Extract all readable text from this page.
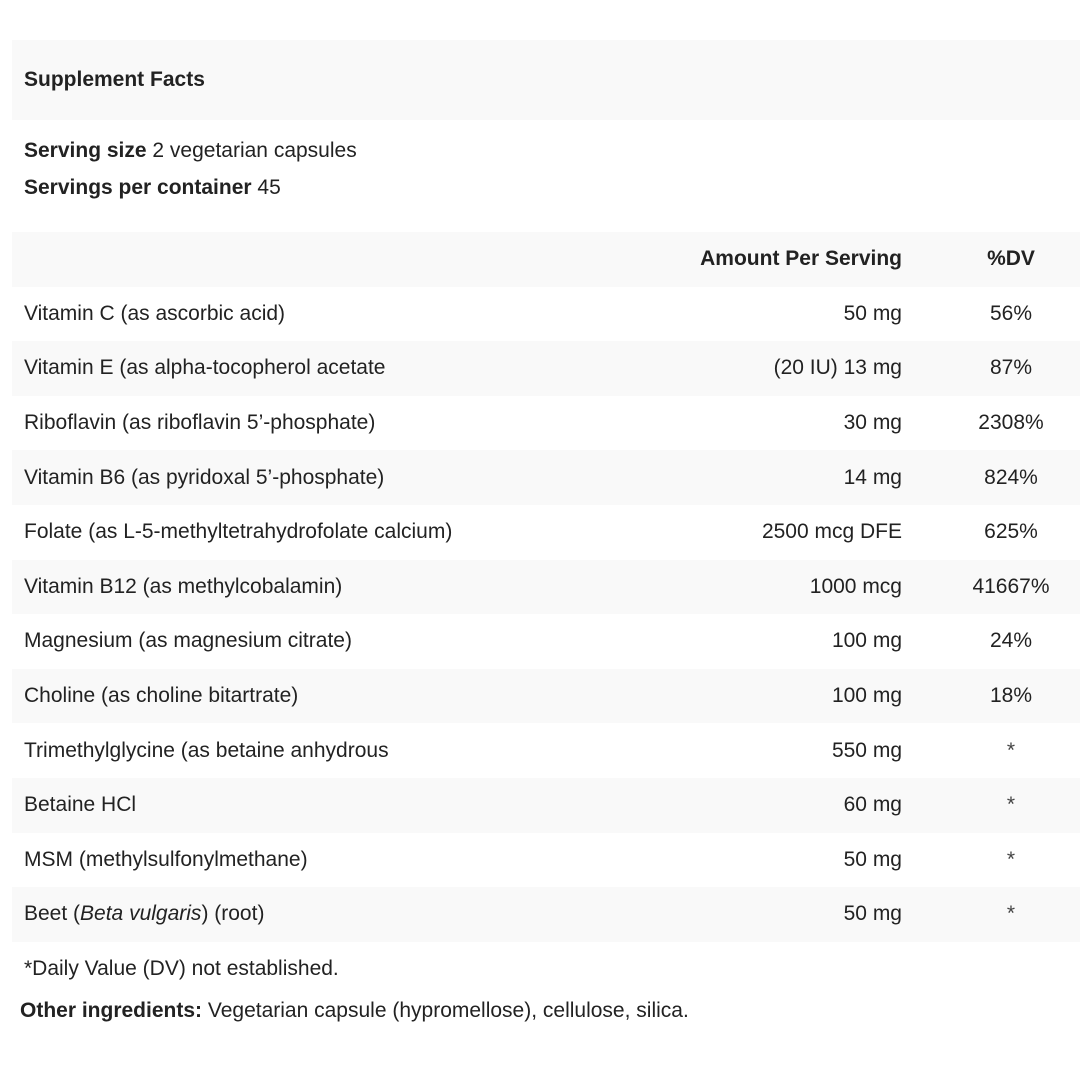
Supplement Facts
Serving size 2 vegetarian capsules
Servings per container 45
	Amount Per Serving	%DV
Vitamin C (as ascorbic acid)	50 mg	56%
Vitamin E (as alpha-tocopherol acetate	(20 IU) 13 mg	87%
Riboflavin (as riboflavin 5’-phosphate)	30 mg	2308%
Vitamin B6 (as pyridoxal 5’-phosphate)	14 mg	824%
Folate (as L-5-methyltetrahydrofolate calcium)	2500 mcg DFE	625%
Vitamin B12 (as methylcobalamin)	1000 mcg	41667%
Magnesium (as magnesium citrate)	100 mg	24%
Choline (as choline bitartrate)	100 mg	18%
Trimethylglycine (as betaine anhydrous	550 mg	*
Betaine HCl	60 mg	*
MSM (methylsulfonylmethane)	50 mg	*
Beet (Beta vulgaris) (root)	50 mg	*
*Daily Value (DV) not established.
Other ingredients: Vegetarian capsule (hypromellose), cellulose, silica.
